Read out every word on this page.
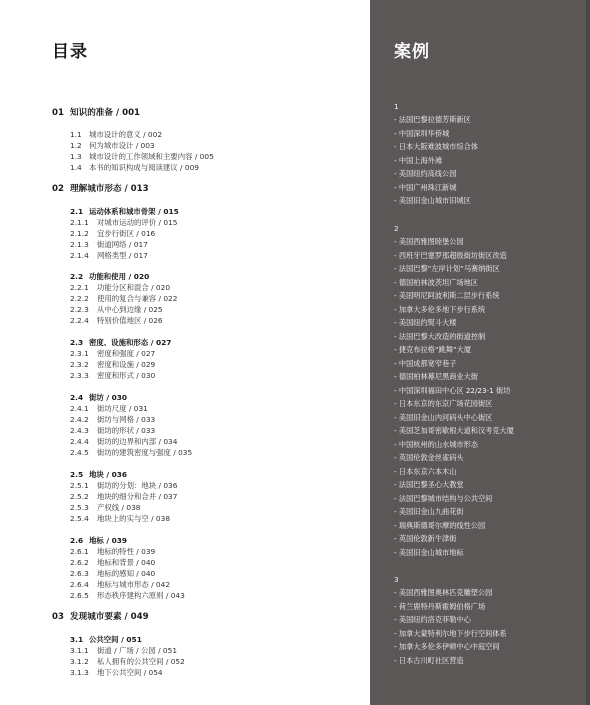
目录
01 知识的准备 / 001
1.1 城市设计的意义 / 002
1.2 何为城市设计 / 003
1.3 城市设计的工作领域和主要内容 / 005
1.4 本书的知识构成与阅读建议 / 009
02 理解城市形态 / 013
2.1 运动体系和城市骨架 / 015
2.1.1 对城市运动的评价 / 015
2.1.2 宜步行街区 / 016
2.1.3 街道网络 / 017
2.1.4 网格类型 / 017
2.2 功能和使用 / 020
2.2.1 功能分区和混合 / 020
2.2.2 使用的复合与兼容 / 022
2.2.3 从中心到边缘 / 025
2.2.4 特别价值地区 / 026
2.3 密度、设施和形态 / 027
2.3.1 密度和强度 / 027
2.3.2 密度和设施 / 029
2.3.3 密度和形式 / 030
2.4 街坊 / 030
2.4.1 街坊尺度 / 031
2.4.2 街坊与网格 / 033
2.4.3 街坊的形状 / 033
2.4.4 街坊的边界和内部 / 034
2.4.5 街坊的建筑密度与强度 / 035
2.5 地块 / 036
2.5.1 街坊的分划：地块 / 036
2.5.2 地块的细分和合并 / 037
2.5.3 产权线 / 038
2.5.4 地块上的实与空 / 038
2.6 地标 / 039
2.6.1 地标的特性 / 039
2.6.2 地标和背景 / 040
2.6.3 地标的感知 / 040
2.6.4 地标与城市形态 / 042
2.6.5 形态秩序建构六原则 / 043
03 发现城市要素 / 049
3.1 公共空间 / 051
3.1.1 街道 / 广场 / 公园 / 051
3.1.2 私人拥有的公共空间 / 052
3.1.3 地下公共空间 / 054
案例
1
- 法国巴黎拉德芳斯新区
- 中国深圳华侨城
- 日本大阪难波城市综合体
- 中国上海外滩
- 美国纽约高线公园
- 中国广州珠江新城
- 美国旧金山城市旧城区
2
- 美国西雅图睦堡公园
- 西班牙巴塞罗那超级街坊街区改造
- 法国巴黎“左岸计划”马赛纳街区
- 德国柏林波茨坦广场地区
- 美国明尼阿波利斯二层步行系统
- 加拿大多伦多地下步行系统
- 美国纽约熨斗大楼
- 法国巴黎大改造的街道控制
- 捷克布拉格“跳舞”大厦
- 中国成都宽窄巷子
- 德国柏林幕尼黑商业大街
- 中国深圳福田中心区 22/23-1 街坊
- 日本东京的东京广场花园街区
- 美国旧金山内河码头中心街区
- 美国芝加哥密歇根大道和汉考克大厦
- 中国杭州的山水城市形态
- 英国伦敦金丝雀码头
- 日本东京六本木山
- 法国巴黎圣心大教堂
- 法国巴黎城市结构与公共空间
- 美国旧金山九曲花街
- 瑞典斯德哥尔摩的线性公园
- 英国伦敦新牛津街
- 美国旧金山城市地标
3
- 美国西雅图奥林匹克雕塑公园
- 荷兰鹿特丹斯霍姆伯格广场
- 美国纽约洛克菲勒中心
- 加拿大蒙特利尔地下步行空间体系
- 加拿大多伦多伊顿中心中庭空间
- 日本古川町社区营造
